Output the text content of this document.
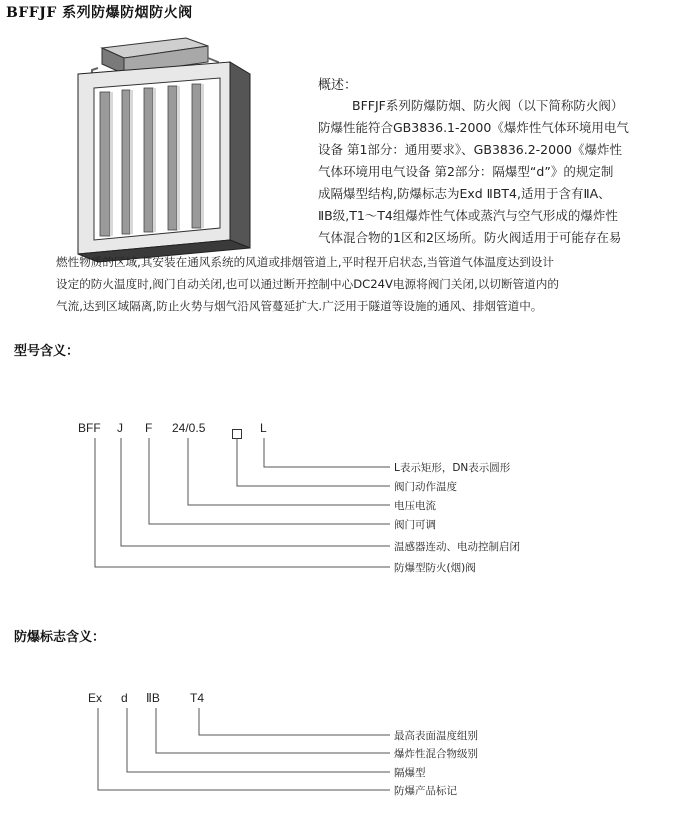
BFFJF 系列防爆防烟防火阀
概述：
BFFJF系列防爆防烟、防火阀（以下简称防火阀）
防爆性能符合GB3836.1-2000《爆炸性气体环境用电气
设备 第1部分：通用要求》、GB3836.2-2000《爆炸性
气体环境用电气设备 第2部分：隔爆型“d”》的规定制
成隔爆型结构,防爆标志为Exd ⅡBT4,适用于含有ⅡA、
ⅡB级,T1～T4组爆炸性气体或蒸汽与空气形成的爆炸性
气体混合物的1区和2区场所。防火阀适用于可能存在易
燃性物质的区域,其安装在通风系统的风道或排烟管道上,平时程开启状态,当管道气体温度达到设计
设定的防火温度时,阀门自动关闭,也可以通过断开控制中心DC24V电源将阀门关闭,以切断管道内的
气流,达到区域隔离,防止火势与烟气沿风管蔓延扩大.广泛用于隧道等设施的通风、排烟管道中。
型号含义：
BFF J F 24/0.5	L
L表示矩形，DN表示圆形
阀门动作温度
电压电流
阀门可调
温感器连动、电动控制启闭
防爆型防火(烟)阀
防爆标志含义：
Ex d ⅡB	T4
最高表面温度组别
爆炸性混合物级别
隔爆型
防爆产品标记
